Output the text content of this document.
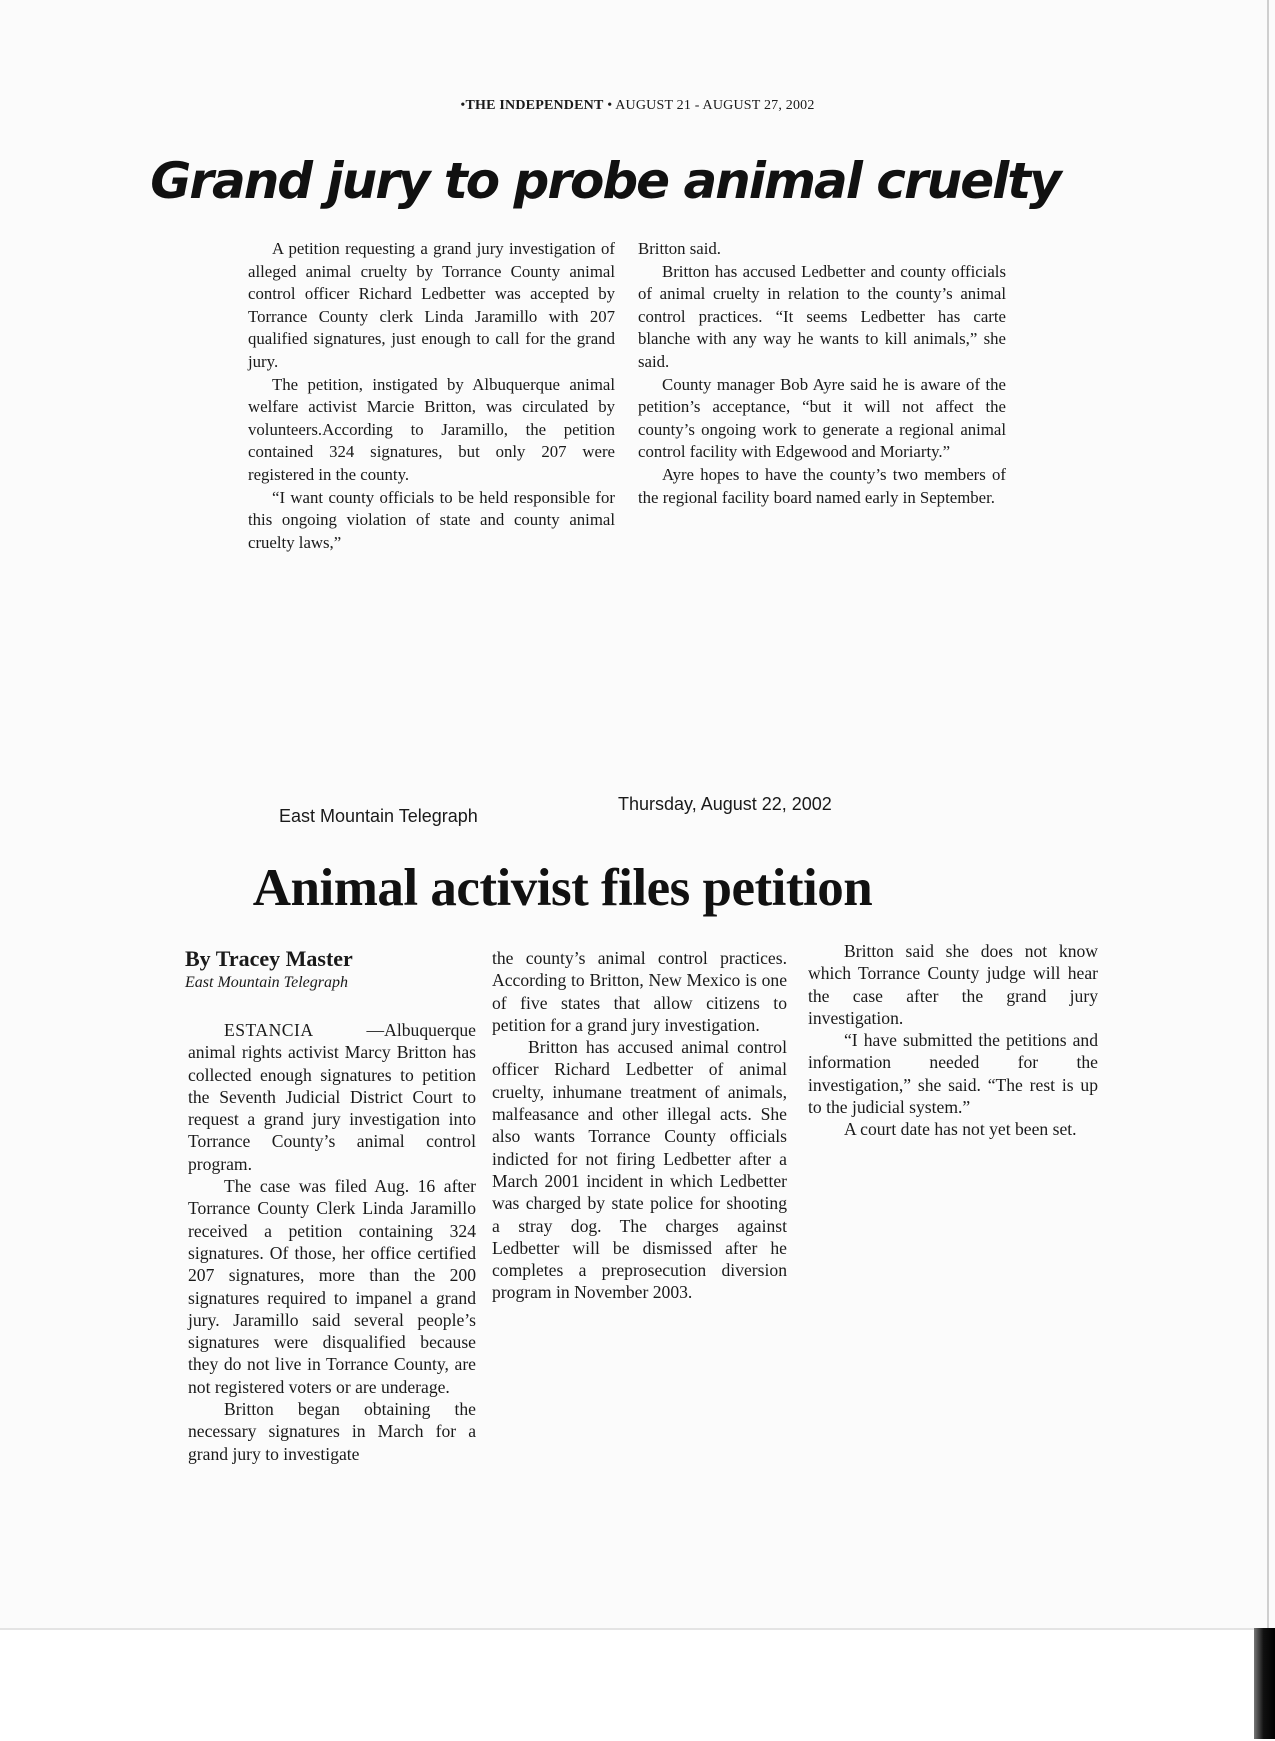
•THE INDEPENDENT • AUGUST 21 - AUGUST 27, 2002
Grand jury to probe animal cruelty

A petition requesting a grand jury investigation of alleged animal cruelty by Torrance County animal control officer Richard Ledbetter was accepted by Torrance County clerk Linda Jaramillo with 207 qualified signatures, just enough to call for the grand jury.

The petition, instigated by Albuquerque animal welfare activist Marcie Britton, was circulated by volunteers.According to Jaramillo, the petition contained 324 signatures, but only 207 were registered in the county.

“I want county officials to be held responsible for this ongoing violation of state and county animal cruelty laws,”

Britton said.

Britton has accused Ledbetter and county officials of animal cruelty in relation to the county’s animal control practices. “It seems Ledbetter has carte blanche with any way he wants to kill animals,” she said.

County manager Bob Ayre said he is aware of the petition’s acceptance, “but it will not affect the county’s ongoing work to generate a regional animal control facility with Edgewood and Moriarty.”

Ayre hopes to have the county’s two members of the regional facility board named early in September.

East Mountain Telegraph
Thursday, August 22, 2002
Animal activist files petition
By Tracey Master
East Mountain Telegraph

ESTANCIA —Albuquerque animal rights activist Marcy Britton has collected enough signatures to petition the Seventh Judicial District Court to request a grand jury investigation into Torrance County’s animal control program.

The case was filed Aug. 16 after Torrance County Clerk Linda Jaramillo received a petition containing 324 signatures. Of those, her office certified 207 signatures, more than the 200 signatures required to impanel a grand jury. Jaramillo said several people’s signatures were disqualified because they do not live in Torrance County, are not registered voters or are underage.

Britton began obtaining the necessary signatures in March for a grand jury to investigate

the county’s animal control practices. According to Britton, New Mexico is one of five states that allow citizens to petition for a grand jury investigation.

Britton has accused animal control officer Richard Ledbetter of animal cruelty, inhumane treatment of animals, malfeasance and other illegal acts. She also wants Torrance County officials indicted for not firing Ledbetter after a March 2001 incident in which Ledbetter was charged by state police for shooting a stray dog. The charges against Ledbetter will be dismissed after he completes a preprosecution diversion program in November 2003.

Britton said she does not know which Torrance County judge will hear the case after the grand jury investigation.

“I have submitted the petitions and information needed for the investigation,” she said. “The rest is up to the judicial system.”

A court date has not yet been set.
